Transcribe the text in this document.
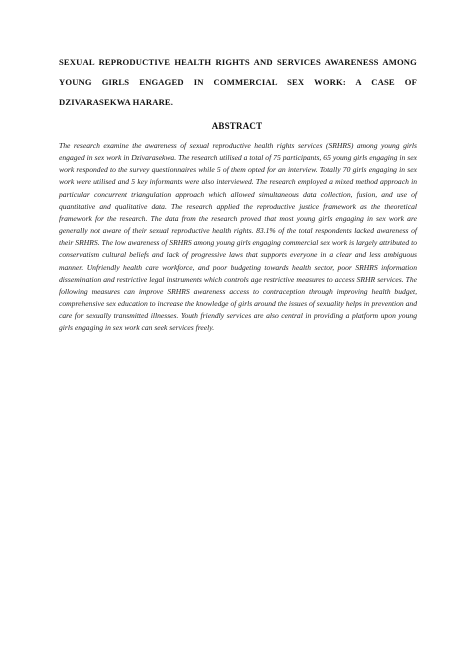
SEXUAL REPRODUCTIVE HEALTH RIGHTS AND SERVICES AWARENESS AMONG YOUNG GIRLS ENGAGED IN COMMERCIAL SEX WORK: A CASE OF DZIVARASEKWA HARARE.

ABSTRACT

The research examine the awareness of sexual reproductive health rights services (SRHRS) among young girls engaged in sex work in Dzivarasekwa. The research utilised a total of 75 participants, 65 young girls engaging in sex work responded to the survey questionnaires while 5 of them opted for an interview. Totally 70 girls engaging in sex work were utilised and 5 key informants were also interviewed. The research employed a mixed method approach in particular concurrent triangulation approach which allowed simultaneous data collection, fusion, and use of quantitative and qualitative data. The research applied the reproductive justice framework as the theoretical framework for the research. The data from the research proved that most young girls engaging in sex work are generally not aware of their sexual reproductive health rights. 83.1% of the total respondents lacked awareness of their SRHRS. The low awareness of SRHRS among young girls engaging commercial sex work is largely attributed to conservatism cultural beliefs and lack of progressive laws that supports everyone in a clear and less ambiguous manner. Unfriendly health care workforce, and poor budgeting towards health sector, poor SRHRS information dissemination and restrictive legal instruments which controls age restrictive measures to access SRHR services. The following measures can improve SRHRS awareness access to contraception through improving health budget, comprehensive sex education to increase the knowledge of girls around the issues of sexuality helps in prevention and care for sexually transmitted illnesses. Youth friendly services are also central in providing a platform upon young girls engaging in sex work can seek services freely.
